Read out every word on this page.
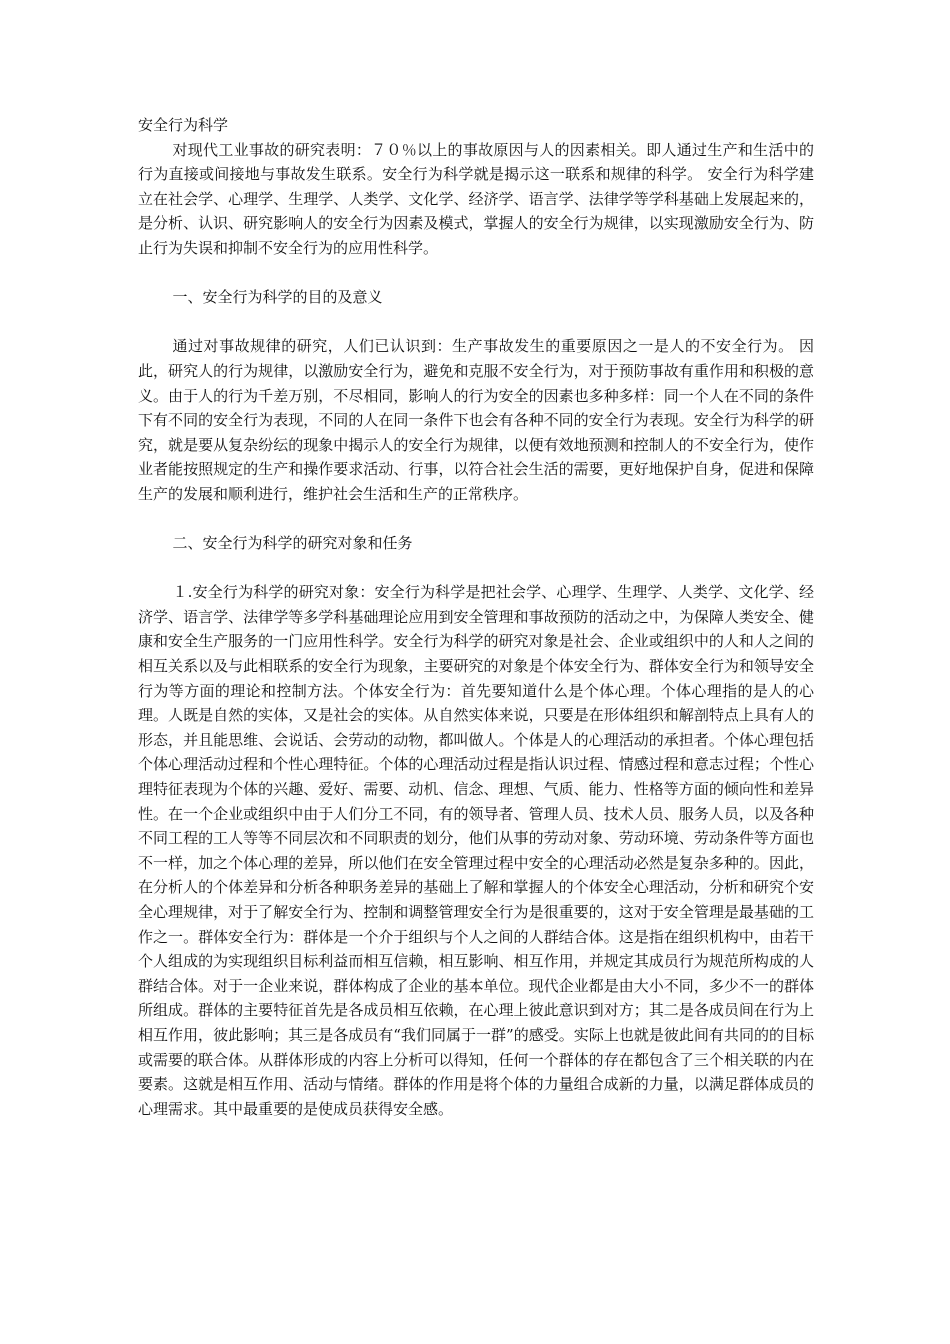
安全行为科学

对现代工业事故的研究表明：７０％以上的事故原因与人的因素相关。即人通过生产和生活中的行为直接或间接地与事故发生联系。安全行为科学就是揭示这一联系和规律的科学。 安全行为科学建立在社会学、心理学、生理学、人类学、文化学、经济学、语言学、法律学等学科基础上发展起来的，是分析、认识、研究影响人的安全行为因素及模式，掌握人的安全行为规律，以实现激励安全行为、防止行为失误和抑制不安全行为的应用性科学。

一、安全行为科学的目的及意义

通过对事故规律的研究，人们已认识到：生产事故发生的重要原因之一是人的不安全行为。 因此，研究人的行为规律，以激励安全行为，避免和克服不安全行为，对于预防事故有重作用和积极的意义。由于人的行为千差万别，不尽相同，影响人的行为安全的因素也多种多样：同一个人在不同的条件下有不同的安全行为表现，不同的人在同一条件下也会有各种不同的安全行为表现。安全行为科学的研究，就是要从复杂纷纭的现象中揭示人的安全行为规律，以便有效地预测和控制人的不安全行为，使作业者能按照规定的生产和操作要求活动、行事，以符合社会生活的需要，更好地保护自身，促进和保障生产的发展和顺利进行，维护社会生活和生产的正常秩序。

二、安全行为科学的研究对象和任务

１.安全行为科学的研究对象：安全行为科学是把社会学、心理学、生理学、人类学、文化学、经济学、语言学、法律学等多学科基础理论应用到安全管理和事故预防的活动之中，为保障人类安全、健康和安全生产服务的一门应用性科学。安全行为科学的研究对象是社会、企业或组织中的人和人之间的相互关系以及与此相联系的安全行为现象，主要研究的对象是个体安全行为、群体安全行为和领导安全行为等方面的理论和控制方法。个体安全行为：首先要知道什么是个体心理。个体心理指的是人的心理。人既是自然的实体，又是社会的实体。从自然实体来说，只要是在形体组织和解剖特点上具有人的形态，并且能思维、会说话、会劳动的动物，都叫做人。个体是人的心理活动的承担者。个体心理包括个体心理活动过程和个性心理特征。个体的心理活动过程是指认识过程、情感过程和意志过程；个性心理特征表现为个体的兴趣、爱好、需要、动机、信念、理想、气质、能力、性格等方面的倾向性和差异性。在一个企业或组织中由于人们分工不同，有的领导者、管理人员、技术人员、服务人员，以及各种不同工程的工人等等不同层次和不同职责的划分，他们从事的劳动对象、劳动环境、劳动条件等方面也不一样，加之个体心理的差异，所以他们在安全管理过程中安全的心理活动必然是复杂多种的。因此，在分析人的个体差异和分析各种职务差异的基础上了解和掌握人的个体安全心理活动，分析和研究个安全心理规律，对于了解安全行为、控制和调整管理安全行为是很重要的，这对于安全管理是最基础的工作之一。群体安全行为：群体是一个介于组织与个人之间的人群结合体。这是指在组织机构中，由若干个人组成的为实现组织目标利益而相互信赖，相互影响、相互作用，并规定其成员行为规范所构成的人群结合体。对于一企业来说，群体构成了企业的基本单位。现代企业都是由大小不同，多少不一的群体所组成。群体的主要特征首先是各成员相互依赖，在心理上彼此意识到对方；其二是各成员间在行为上相互作用，彼此影响；其三是各成员有“我们同属于一群”的感受。实际上也就是彼此间有共同的的目标或需要的联合体。从群体形成的内容上分析可以得知，任何一个群体的存在都包含了三个相关联的内在要素。这就是相互作用、活动与情绪。群体的作用是将个体的力量组合成新的力量，以满足群体成员的心理需求。其中最重要的是使成员获得安全感。
